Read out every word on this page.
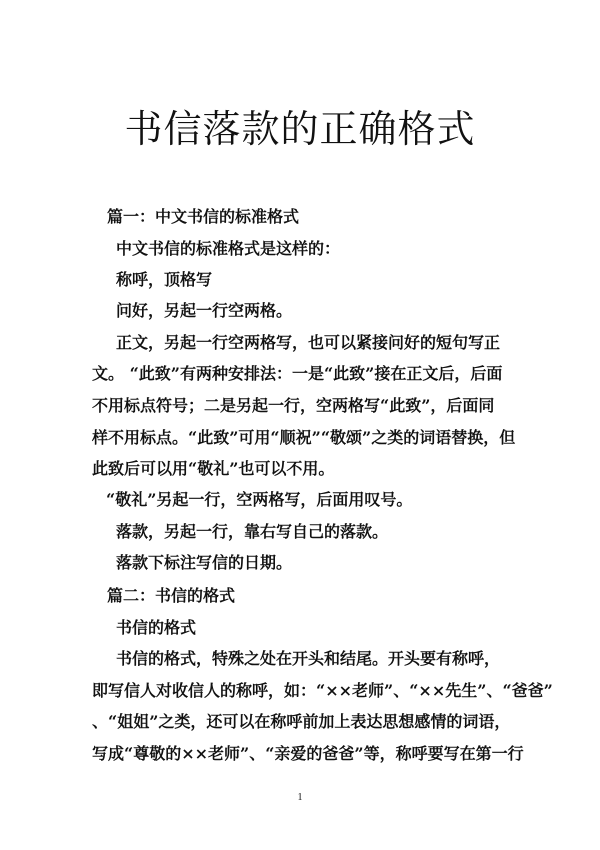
书信落款的正确格式
篇一：中文书信的标准格式
中文书信的标准格式是这样的：
称呼，顶格写
问好，另起一行空两格。
正文，另起一行空两格写，也可以紧接问好的短句写正
文。 “此致”有两种安排法：一是“此致”接在正文后，后面
不用标点符号；二是另起一行，空两格写“此致”，后面同
样不用标点。“此致”可用“顺祝”“敬颂”之类的词语替换，但
此致后可以用“敬礼”也可以不用。
“敬礼”另起一行，空两格写，后面用叹号。
落款，另起一行，靠右写自己的落款。
落款下标注写信的日期。
篇二：书信的格式
书信的格式
书信的格式，特殊之处在开头和结尾。开头要有称呼，
即写信人对收信人的称呼，如：“××老师”、“××先生”、“爸爸”
、“姐姐”之类，还可以在称呼前加上表达思想感情的词语，
写成“尊敬的××老师”、“亲爱的爸爸”等，称呼要写在第一行
1
